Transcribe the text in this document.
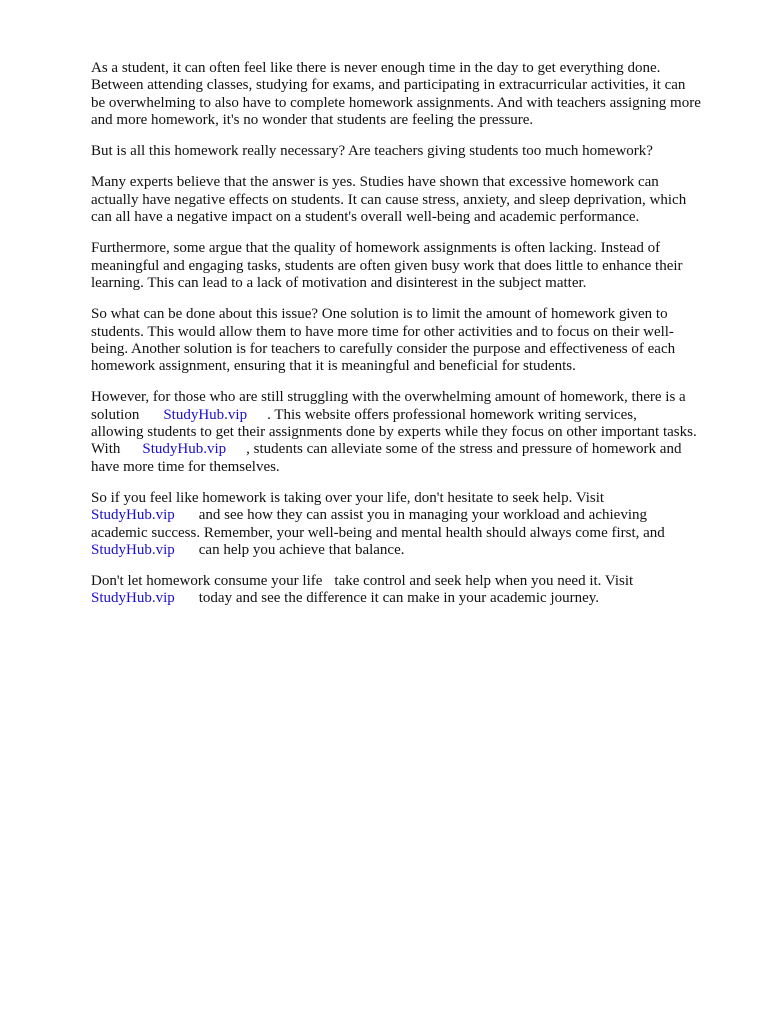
As a student, it can often feel like there is never enough time in the day to get everything done.
Between attending classes, studying for exams, and participating in extracurricular activities, it can
be overwhelming to also have to complete homework assignments. And with teachers assigning more
and more homework, it's no wonder that students are feeling the pressure.

But is all this homework really necessary? Are teachers giving students too much homework?

Many experts believe that the answer is yes. Studies have shown that excessive homework can
actually have negative effects on students. It can cause stress, anxiety, and sleep deprivation, which
can all have a negative impact on a student's overall well-being and academic performance.

Furthermore, some argue that the quality of homework assignments is often lacking. Instead of
meaningful and engaging tasks, students are often given busy work that does little to enhance their
learning. This can lead to a lack of motivation and disinterest in the subject matter.

So what can be done about this issue? One solution is to limit the amount of homework given to
students. This would allow them to have more time for other activities and to focus on their well-
being. Another solution is for teachers to carefully consider the purpose and effectiveness of each
homework assignment, ensuring that it is meaningful and beneficial for students.

However, for those who are still struggling with the overwhelming amount of homework, there is a
solution StudyHub.vip . This website offers professional homework writing services,
allowing students to get their assignments done by experts while they focus on other important tasks.
With StudyHub.vip , students can alleviate some of the stress and pressure of homework and
have more time for themselves.

So if you feel like homework is taking over your life, don't hesitate to seek help. Visit
StudyHub.vip and see how they can assist you in managing your workload and achieving
academic success. Remember, your well-being and mental health should always come first, and
StudyHub.vip can help you achieve that balance.

Don't let homework consume your life take control and seek help when you need it. Visit
StudyHub.vip today and see the difference it can make in your academic journey.
